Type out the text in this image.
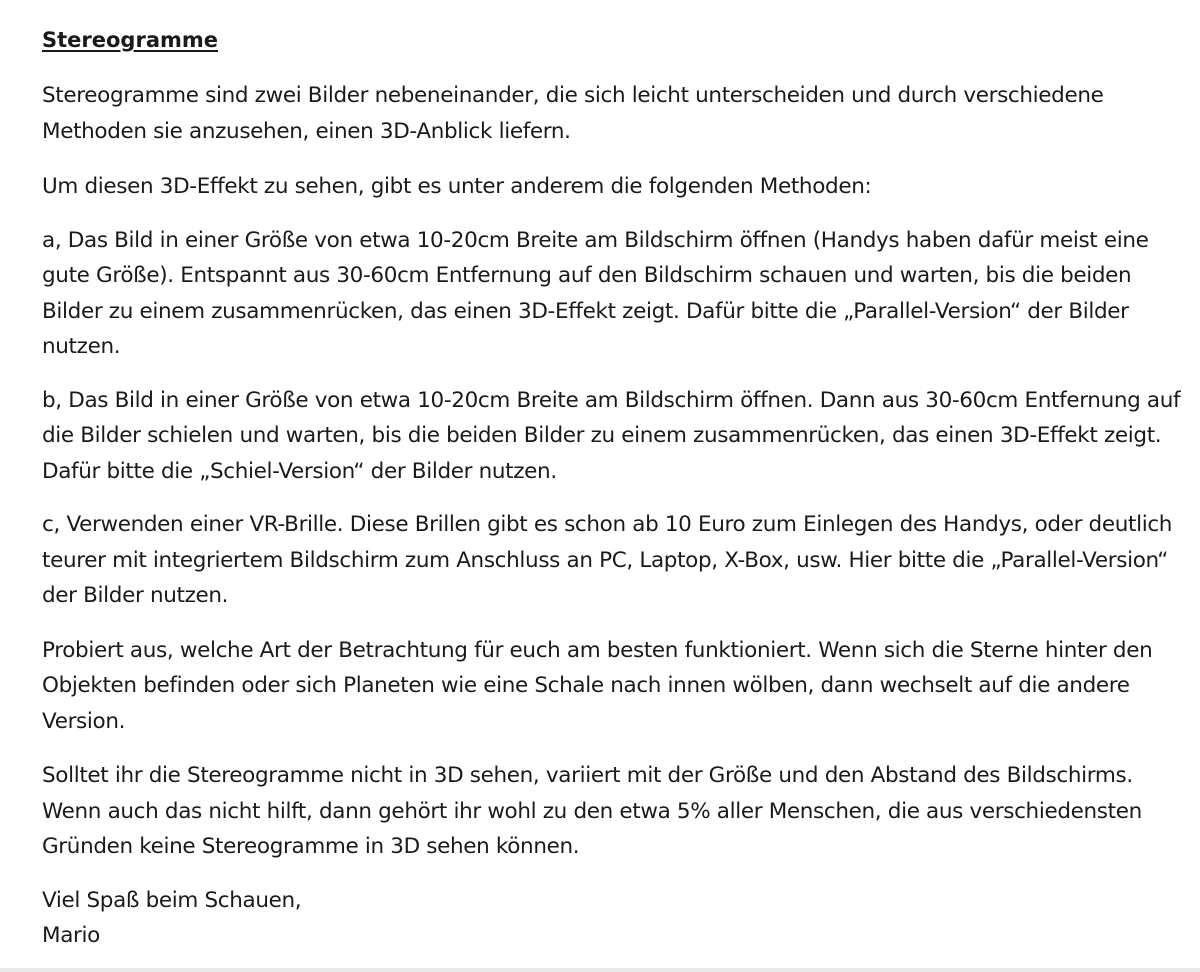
Stereogramme

Stereogramme sind zwei Bilder nebeneinander, die sich leicht unterscheiden und durch verschiedene Methoden sie anzusehen, einen 3D-Anblick liefern.

Um diesen 3D-Effekt zu sehen, gibt es unter anderem die folgenden Methoden:

a, Das Bild in einer Größe von etwa 10-20cm Breite am Bildschirm öffnen (Handys haben dafür meist eine gute Größe). Entspannt aus 30-60cm Entfernung auf den Bildschirm schauen und warten, bis die beiden Bilder zu einem zusammenrücken, das einen 3D-Effekt zeigt. Dafür bitte die „Parallel-Version“ der Bilder nutzen.

b, Das Bild in einer Größe von etwa 10-20cm Breite am Bildschirm öffnen. Dann aus 30-60cm Entfernung auf die Bilder schielen und warten, bis die beiden Bilder zu einem zusammenrücken, das einen 3D-Effekt zeigt. Dafür bitte die „Schiel-Version“ der Bilder nutzen.

c, Verwenden einer VR-Brille. Diese Brillen gibt es schon ab 10 Euro zum Einlegen des Handys, oder deutlich teurer mit integriertem Bildschirm zum Anschluss an PC, Laptop, X-Box, usw. Hier bitte die „Parallel-Version“ der Bilder nutzen.

Probiert aus, welche Art der Betrachtung für euch am besten funktioniert. Wenn sich die Sterne hinter den Objekten befinden oder sich Planeten wie eine Schale nach innen wölben, dann wechselt auf die andere Version.

Solltet ihr die Stereogramme nicht in 3D sehen, variiert mit der Größe und den Abstand des Bildschirms. Wenn auch das nicht hilft, dann gehört ihr wohl zu den etwa 5% aller Menschen, die aus verschiedensten Gründen keine Stereogramme in 3D sehen können.

Viel Spaß beim Schauen,

Mario
